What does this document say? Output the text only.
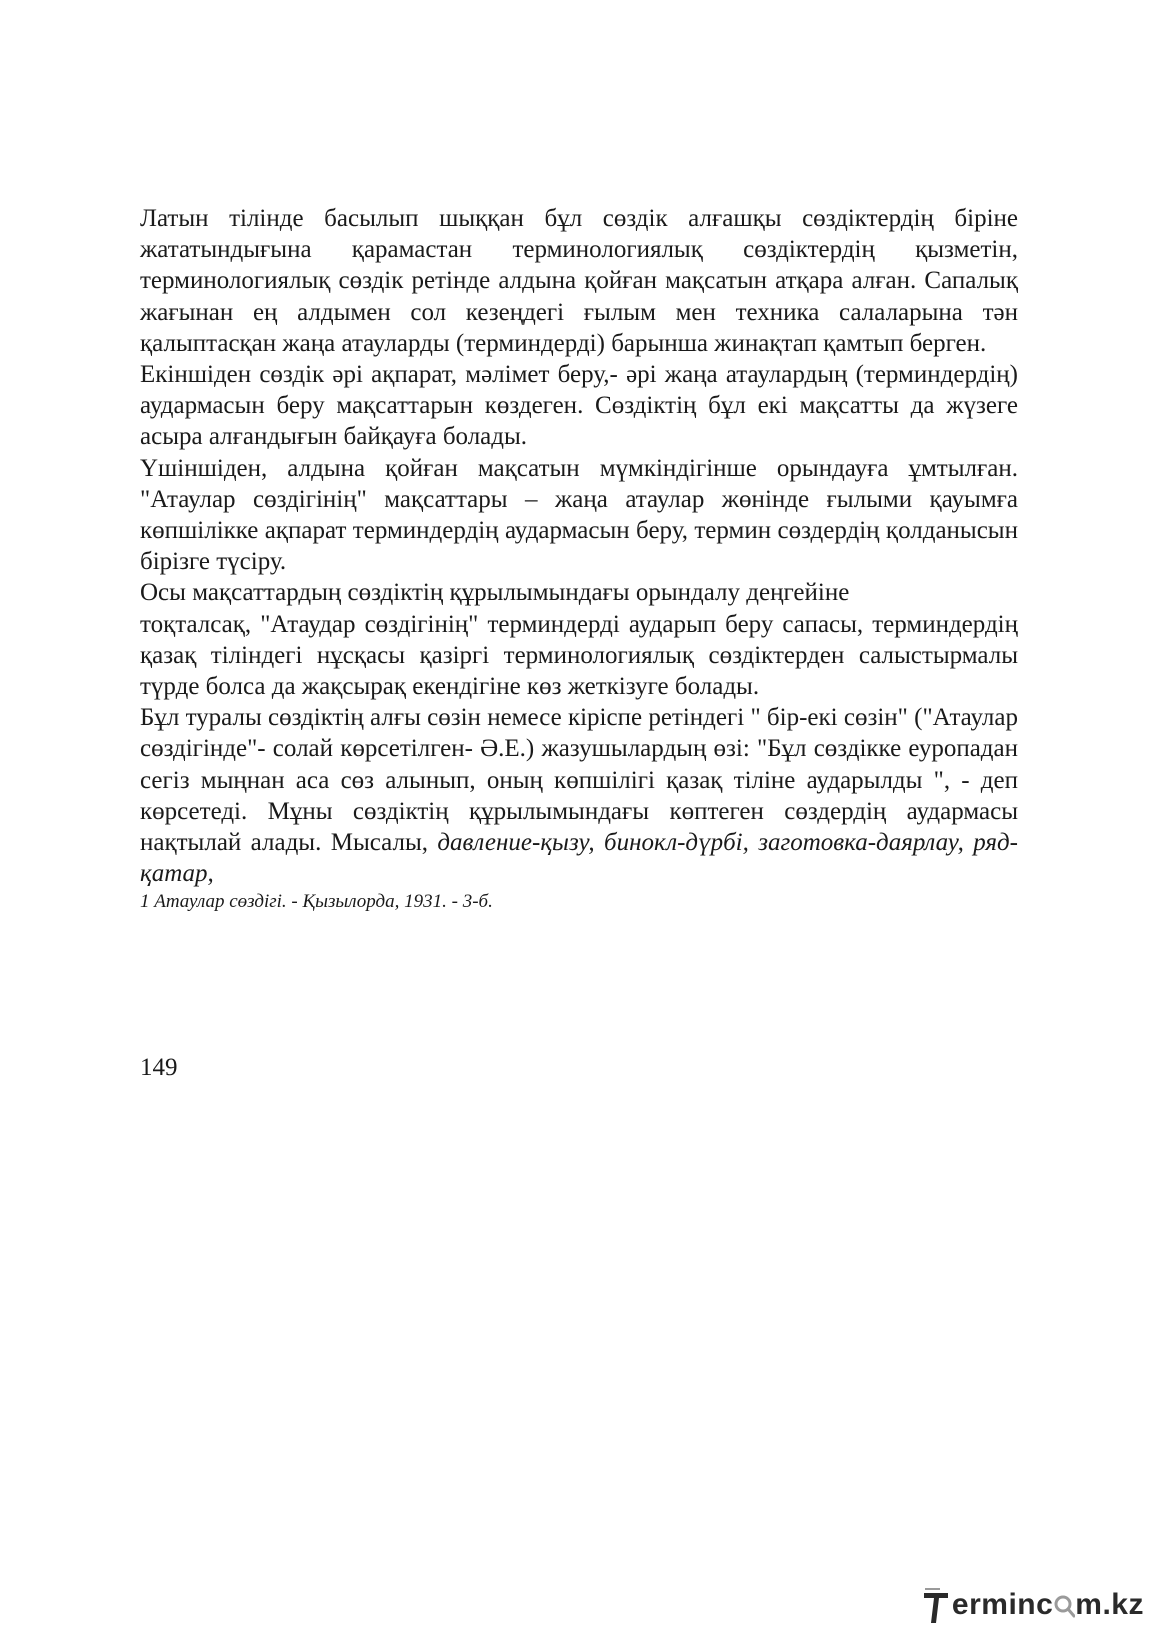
Латын тілінде басылып шыққан бұл сөздік алғашқы сөздіктердің біріне жататындығына қарамастан терминологиялық сөздіктердің қызметін, терминологиялық сөздік ретінде алдына қойған мақсатын атқара алған. Сапалық жағынан ең алдымен сол кезеңдегі ғылым мен техника салаларына тән қалыптасқан жаңа атауларды (терминдерді) барынша жинақтап қамтып берген.

Екіншіден сөздік әрі ақпарат, мәлімет беру,- әрі жаңа атаулардың (терминдердің) аудармасын беру мақсаттарын көздеген. Сөздіктің бұл екі мақсатты да жүзеге асыра алғандығын байқауға болады.

Үшіншіден, алдына қойған мақсатын мүмкіндігінше орындауға ұмтылған. "Атаулар сөздігінің" мақсаттары – жаңа атаулар жөнінде ғылыми қауымға көпшілікке ақпарат терминдердің аудармасын беру, термин сөздердің қолданысын бірізге түсіру.

Осы мақсаттардың сөздіктің құрылымындағы орындалу деңгейіне

тоқталсақ, "Атаудар сөздігінің" терминдерді аударып беру сапасы, терминдердің қазақ тіліндегі нұсқасы қазіргі терминологиялық сөздіктерден салыстырмалы түрде болса да жақсырақ екендігіне көз жеткізуге болады.

Бұл туралы сөздіктің алғы сөзін немесе кіріспе ретіндегі " бір-екі сөзін" ("Атаулар сөздігінде"- солай көрсетілген- Ә.Е.) жазушылардың өзі: "Бұл сөздікке еуропадан сегіз мыңнан аса сөз алынып, оның көпшілігі қазақ тіліне аударылды ", - деп көрсетеді. Мұны сөздіктің құрылымындағы көптеген сөздердің аудармасы нақтылай алады. Мысалы, давление-қызу, бинокл-дүрбі, заготовка-даярлау, ряд-қатар,

1 Атаулар сөздігі. - Қызылорда, 1931. - 3-б.

149
erminc m.kz
